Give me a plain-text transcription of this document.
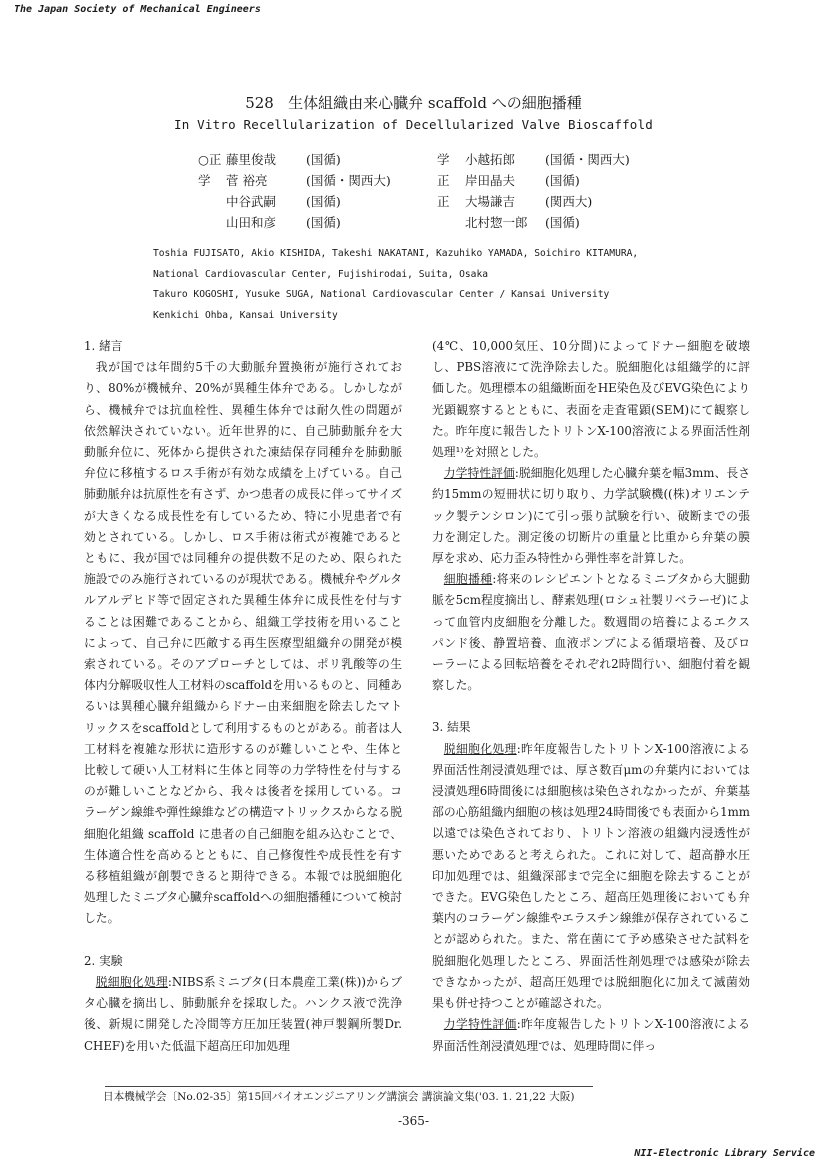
The Japan Society of Mechanical Engineers
528 生体組織由来心臓弁 scaffold への細胞播種
In Vitro Recellularization of Decellularized Valve Bioscaffold
○正 藤里俊哉	(国循)
学	菅 裕亮	(国循・関西大)
中谷武嗣	(国循)
山田和彦	(国循)
学	小越拓郎	(国循・関西大)
正	岸田晶夫	(国循)
正	大場謙吉	(関西大)
北村惣一郎	(国循)
Toshia FUJISATO, Akio KISHIDA, Takeshi NAKATANI, Kazuhiko YAMADA, Soichiro KITAMURA,
National Cardiovascular Center, Fujishirodai, Suita, Osaka
Takuro KOGOSHI, Yusuke SUGA, National Cardiovascular Center / Kansai University
Kenkichi Ohba, Kansai University

1. 緒言

我が国では年間約5千の大動脈弁置換術が施行されており、80%が機械弁、20%が異種生体弁である。しかしながら、機械弁では抗血栓性、異種生体弁では耐久性の問題が依然解決されていない。近年世界的に、自己肺動脈弁を大動脈弁位に、死体から提供された凍結保存同種弁を肺動脈弁位に移植するロス手術が有効な成績を上げている。自己肺動脈弁は抗原性を有さず、かつ患者の成長に伴ってサイズが大きくなる成長性を有しているため、特に小児患者で有効とされている。しかし、ロス手術は術式が複雑であるとともに、我が国では同種弁の提供数不足のため、限られた施設でのみ施行されているのが現状である。機械弁やグルタルアルデヒド等で固定された異種生体弁に成長性を付与することは困難であることから、組織工学技術を用いることによって、自己弁に匹敵する再生医療型組織弁の開発が模索されている。そのアプローチとしては、ポリ乳酸等の生体内分解吸収性人工材料のscaffoldを用いるものと、同種あるいは異種心臓弁組織からドナー由来細胞を除去したマトリックスをscaffoldとして利用するものとがある。前者は人工材料を複雑な形状に造形するのが難しいことや、生体と比較して硬い人工材料に生体と同等の力学特性を付与するのが難しいことなどから、我々は後者を採用している。コラーゲン線維や弾性線維などの構造マトリックスからなる脱細胞化組織 scaffold に患者の自己細胞を組み込むことで、生体適合性を高めるとともに、自己修復性や成長性を有する移植組織が創製できると期待できる。本報では脱細胞化処理したミニブタ心臓弁scaffoldへの細胞播種について検討した。

2. 実験

脱細胞化処理:NIBS系ミニブタ(日本農産工業(株))からブタ心臓を摘出し、肺動脈弁を採取した。ハンクス液で洗浄後、新規に開発した冷間等方圧加圧装置(神戸製鋼所製Dr. CHEF)を用いた低温下超高圧印加処理

(4℃、10,000気圧、10分間)によってドナー細胞を破壊し、PBS溶液にて洗浄除去した。脱細胞化は組織学的に評価した。処理標本の組織断面をHE染色及びEVG染色により光顕観察するとともに、表面を走査電顕(SEM)にて観察した。昨年度に報告したトリトンX-100溶液による界面活性剤処理¹⁾を対照とした。

力学特性評価:脱細胞化処理した心臓弁葉を幅3mm、長さ約15mmの短冊状に切り取り、力学試験機((株)オリエンテック製テンシロン)にて引っ張り試験を行い、破断までの張力を測定した。測定後の切断片の重量と比重から弁葉の膜厚を求め、応力歪み特性から弾性率を計算した。

細胞播種:将来のレシピエントとなるミニブタから大腿動脈を5cm程度摘出し、酵素処理(ロシュ社製リベラーゼ)によって血管内皮細胞を分離した。数週間の培養によるエクスパンド後、静置培養、血液ポンプによる循環培養、及びローラーによる回転培養をそれぞれ2時間行い、細胞付着を観察した。

3. 結果

脱細胞化処理:昨年度報告したトリトンX-100溶液による界面活性剤浸漬処理では、厚さ数百μmの弁葉内においては浸漬処理6時間後には細胞核は染色されなかったが、弁葉基部の心筋組織内細胞の核は処理24時間後でも表面から1mm以遠では染色されており、トリトン溶液の組織内浸透性が悪いためであると考えられた。これに対して、超高静水圧印加処理では、組織深部まで完全に細胞を除去することができた。EVG染色したところ、超高圧処理後においても弁葉内のコラーゲン線維やエラスチン線維が保存されていることが認められた。また、常在菌にて予め感染させた試料を脱細胞化処理したところ、界面活性剤処理では感染が除去できなかったが、超高圧処理では脱細胞化に加えて滅菌効果も併せ持つことが確認された。

力学特性評価:昨年度報告したトリトンX-100溶液による界面活性剤浸漬処理では、処理時間に伴っ

日本機械学会〔No.02-35〕第15回バイオエンジニアリング講演会 講演論文集('03. 1. 21,22 大阪)
-365-
NII-Electronic Library Service
